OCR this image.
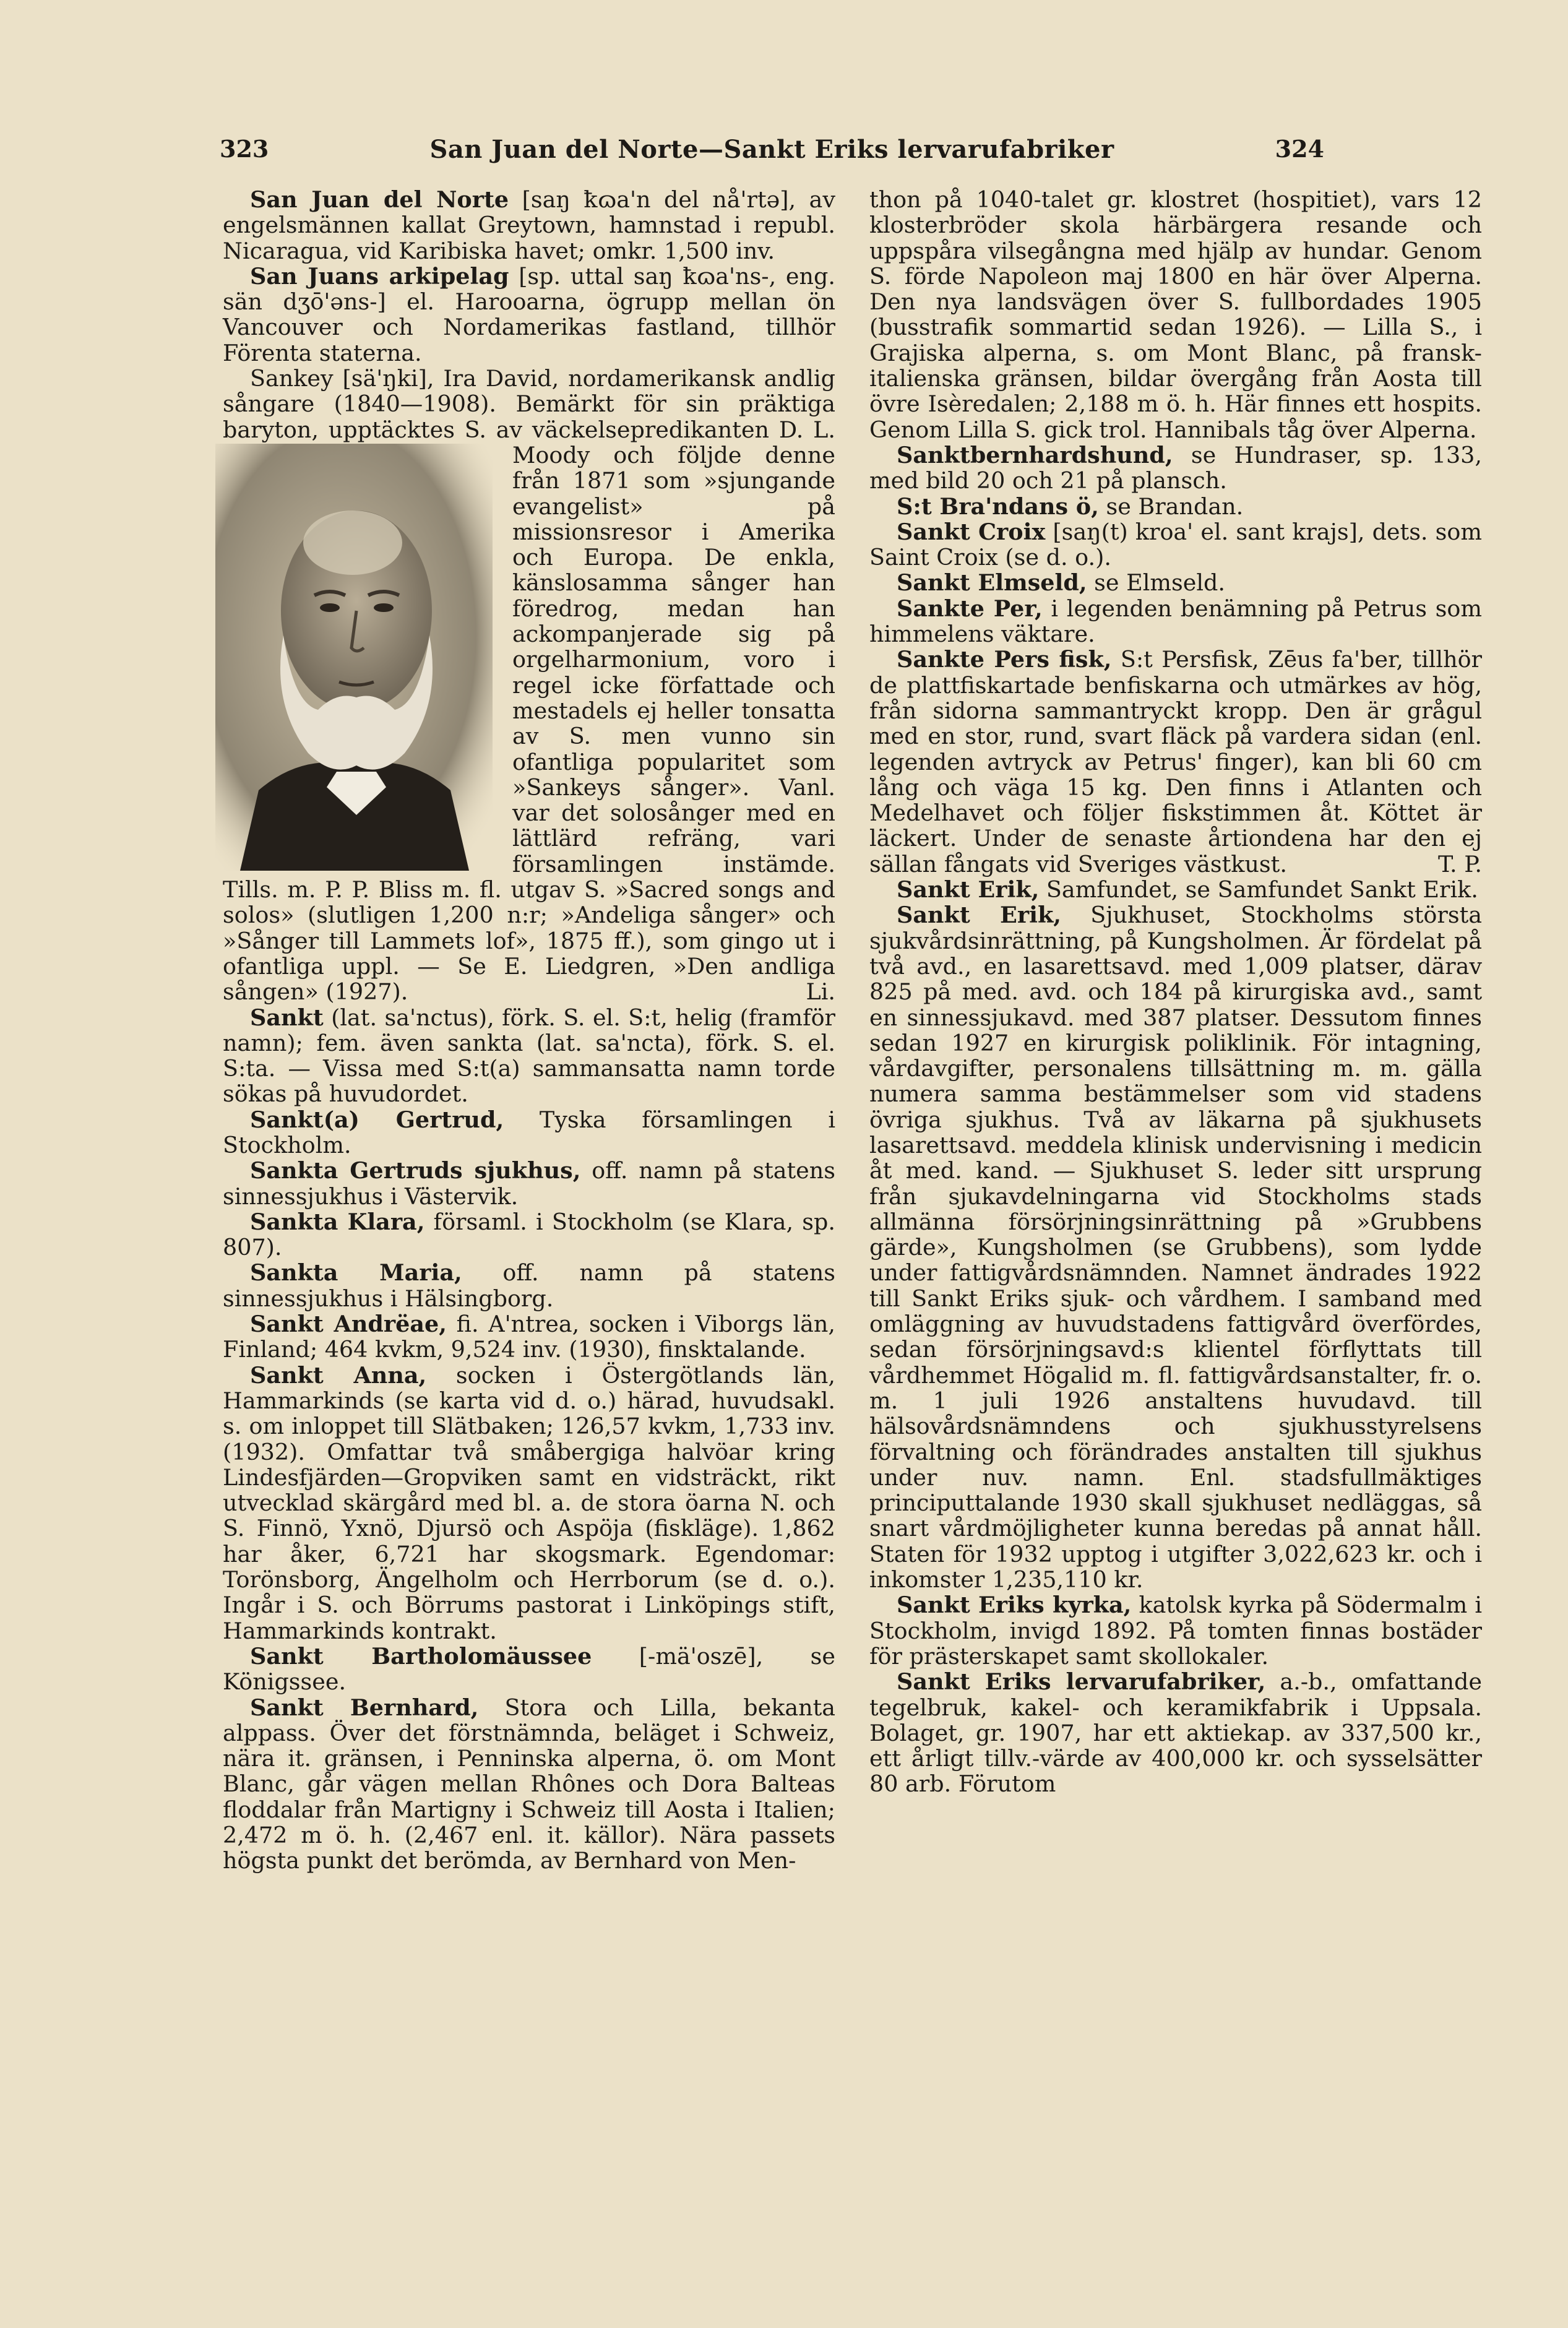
323	San Juan del Norte—Sankt Eriks lervarufabriker	324

San Juan del Norte [saŋ ꝁɷa'n del nå'rtə], av engelsmännen kallat Greytown, hamnstad i republ. Nicaragua, vid Karibiska havet; omkr. 1,500 inv.

San Juans arkipelag [sp. uttal saŋ ꝁɷa'ns-, eng. sän dʒō'əns-] el. Harooarna, ögrupp mellan ön Vancouver och Nordamerikas fastland, tillhör Förenta staterna.

Sankey [sä'ŋki], Ira David, nordamerikansk andlig sångare (1840—1908). Bemärkt för sin präktiga baryton, upptäcktes S. av väckelsepredikanten D. L. Moody och följde
denne från 1871 som »sjungande evangelist» på missionsresor i Amerika och Europa. De enkla, känslosamma sånger han föredrog, medan han ackompanjerade sig på orgelharmonium, voro i regel icke författade och mestadels ej heller tonsatta av S. men vunno sin ofantliga popularitet som »Sankeys sånger». Vanl. var det solosånger med en lättlärd refräng, vari församlingen instämde. Tills. m. P. P. Bliss m. fl. utgav S. »Sacred songs and solos» (slutligen 1,200 n:r; »Andeliga sånger» och »Sånger till Lammets lof», 1875 ff.), som gingo ut i ofantliga uppl. — Se E. Liedgren, »Den andliga sången» (1927).	Li.

Sankt (lat. sa'nctus), förk. S. el. S:t, helig (framför namn); fem. även sankta (lat. sa'ncta), förk. S. el. S:ta. — Vissa med S:t(a) sammansatta namn torde sökas på huvudordet.

Sankt(a) Gertrud, Tyska församlingen i Stockholm.

Sankta Gertruds sjukhus, off. namn på statens sinnessjukhus i Västervik.

Sankta Klara, församl. i Stockholm (se Klara, sp. 807).

Sankta Maria, off. namn på statens sinnessjukhus i Hälsingborg.

Sankt Andrëae, fi. A'ntrea, socken i Viborgs län, Finland; 464 kvkm, 9,524 inv. (1930), finsktalande.

Sankt Anna, socken i Östergötlands län, Hammarkinds (se karta vid d. o.) härad, huvudsakl. s. om inloppet till Slätbaken; 126,57 kvkm, 1,733 inv. (1932). Omfattar två småbergiga halvöar kring Lindesfjärden—Gropviken samt en vidsträckt, rikt utvecklad skärgård med bl. a. de stora öarna N. och S. Finnö, Yxnö, Djursö och Aspöja (fiskläge). 1,862 har åker, 6,721 har skogsmark. Egendomar: Torönsborg, Ängelholm och Herrborum (se d. o.). Ingår i S. och Börrums pastorat i Linköpings stift, Hammarkinds kontrakt.

Sankt Bartholomäussee [-mä'oszē], se Königssee.

Sankt Bernhard, Stora och Lilla, bekanta alppass. Över det förstnämnda, beläget i Schweiz, nära it. gränsen, i Penninska alperna, ö. om Mont Blanc, går vägen mellan Rhônes och Dora Balteas floddalar från Martigny i Schweiz till Aosta i Italien; 2,472 m ö. h. (2,467 enl. it. källor). Nära passets högsta punkt det berömda, av Bernhard von Men-

thon på 1040-talet gr. klostret (hospitiet), vars 12 klosterbröder skola härbärgera resande och uppspåra vilsegångna med hjälp av hundar. Genom S. förde Napoleon maj 1800 en här över Alperna. Den nya landsvägen över S. fullbordades 1905 (busstrafik sommartid sedan 1926). — Lilla S., i Grajiska alperna, s. om Mont Blanc, på fransk-italienska gränsen, bildar övergång från Aosta till övre Isèredalen; 2,188 m ö. h. Här finnes ett hospits. Genom Lilla S. gick trol. Hannibals tåg över Alperna.

Sanktbernhardshund, se Hundraser, sp. 133, med bild 20 och 21 på plansch.

S:t Bra'ndans ö, se Brandan.

Sankt Croix [saŋ(t) kroa' el. sant krajs], dets. som Saint Croix (se d. o.).

Sankt Elmseld, se Elmseld.

Sankte Per, i legenden benämning på Petrus som himmelens väktare.

Sankte Pers fisk, S:t Persfisk, Zēus fa'ber, tillhör de plattfiskartade benfiskarna och utmärkes av hög, från sidorna sammantryckt kropp. Den är grågul med en stor, rund, svart fläck på vardera sidan (enl. legenden avtryck av Petrus' finger), kan bli 60 cm lång och väga 15 kg. Den finns i Atlanten och Medelhavet och följer fiskstimmen åt. Köttet är läckert. Under de senaste årtiondena har den ej sällan fångats vid Sveriges västkust.	T. P.

Sankt Erik, Samfundet, se Samfundet Sankt Erik.

Sankt Erik, Sjukhuset, Stockholms största sjukvårdsinrättning, på Kungsholmen. Är fördelat på två avd., en lasarettsavd. med 1,009 platser, därav 825 på med. avd. och 184 på kirurgiska avd., samt en sinnessjukavd. med 387 platser. Dessutom finnes sedan 1927 en kirurgisk poliklinik. För intagning, vårdavgifter, personalens tillsättning m. m. gälla numera samma bestämmelser som vid stadens övriga sjukhus. Två av läkarna på sjukhusets lasarettsavd. meddela klinisk undervisning i medicin åt med. kand. — Sjukhuset S. leder sitt ursprung från sjukavdelningarna vid Stockholms stads allmänna försörjningsinrättning på »Grubbens gärde», Kungsholmen (se Grubbens), som lydde under fattigvårdsnämnden. Namnet ändrades 1922 till Sankt Eriks sjuk- och vårdhem. I samband med omläggning av huvudstadens fattigvård överfördes, sedan försörjningsavd:s klientel förflyttats till vårdhemmet Högalid m. fl. fattigvårdsanstalter, fr. o. m. 1 juli 1926 anstaltens huvudavd. till hälsovårdsnämndens och sjukhusstyrelsens förvaltning och förändrades anstalten till sjukhus under nuv. namn. Enl. stadsfullmäktiges principuttalande 1930 skall sjukhuset nedläggas, så snart vårdmöjligheter kunna beredas på annat håll. Staten för 1932 upptog i utgifter 3,022,623 kr. och i inkomster 1,235,110 kr.

Sankt Eriks kyrka, katolsk kyrka på Södermalm i Stockholm, invigd 1892. På tomten finnas bostäder för prästerskapet samt skollokaler.

Sankt Eriks lervarufabriker, a.-b., omfattande tegelbruk, kakel- och keramikfabrik i Uppsala. Bolaget, gr. 1907, har ett aktiekap. av 337,500 kr., ett årligt tillv.-värde av 400,000 kr. och sysselsätter 80 arb. Förutom
